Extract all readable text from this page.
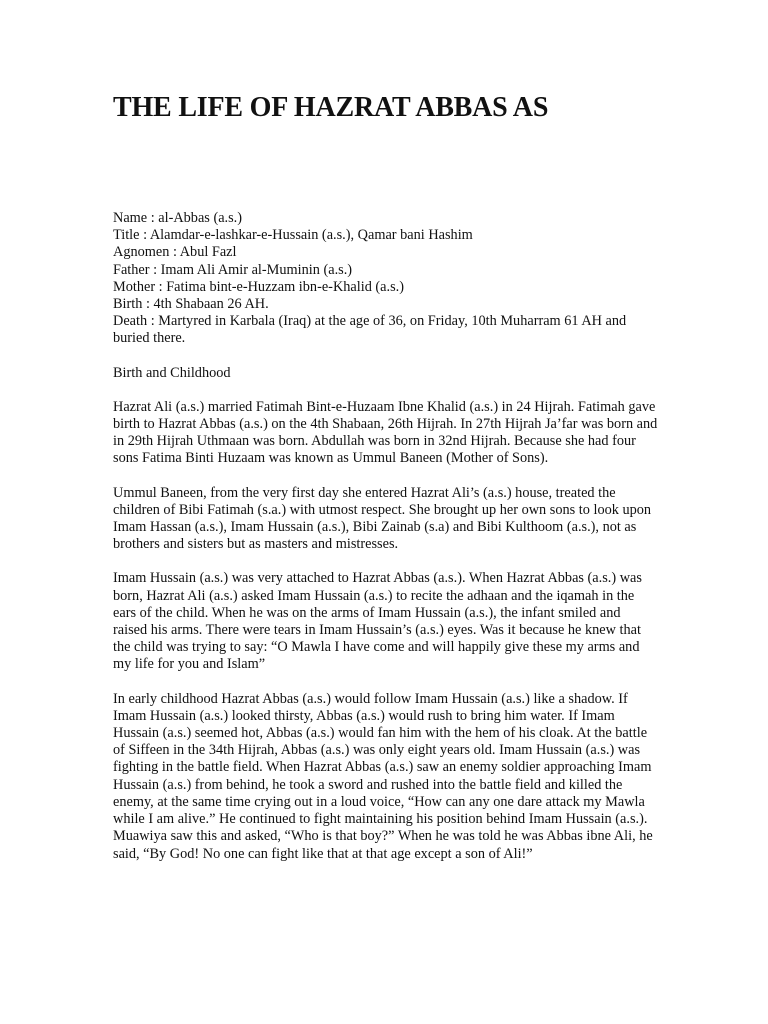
THE LIFE OF HAZRAT ABBAS AS
Name : al-Abbas (a.s.)
Title : Alamdar-e-lashkar-e-Hussain (a.s.), Qamar bani Hashim
Agnomen : Abul Fazl
Father : Imam Ali Amir al-Muminin (a.s.)
Mother : Fatima bint-e-Huzzam ibn-e-Khalid (a.s.)
Birth : 4th Shabaan 26 AH.
Death : Martyred in Karbala (Iraq) at the age of 36, on Friday, 10th Muharram 61 AH and buried there.
Birth and Childhood

Hazrat Ali (a.s.) married Fatimah Bint-e-Huzaam Ibne Khalid (a.s.) in 24 Hijrah. Fatimah gave birth to Hazrat Abbas (a.s.) on the 4th Shabaan, 26th Hijrah. In 27th Hijrah Ja’far was born and in 29th Hijrah Uthmaan was born. Abdullah was born in 32nd Hijrah. Because she had four sons Fatima Binti Huzaam was known as Ummul Baneen (Mother of Sons).

Ummul Baneen, from the very first day she entered Hazrat Ali’s (a.s.) house, treated the children of Bibi Fatimah (s.a.) with utmost respect. She brought up her own sons to look upon Imam Hassan (a.s.), Imam Hussain (a.s.), Bibi Zainab (s.a) and Bibi Kulthoom (a.s.), not as brothers and sisters but as masters and mistresses.

Imam Hussain (a.s.) was very attached to Hazrat Abbas (a.s.). When Hazrat Abbas (a.s.) was born, Hazrat Ali (a.s.) asked Imam Hussain (a.s.) to recite the adhaan and the iqamah in the ears of the child. When he was on the arms of Imam Hussain (a.s.), the infant smiled and raised his arms. There were tears in Imam Hussain’s (a.s.) eyes. Was it because he knew that the child was trying to say: “O Mawla I have come and will happily give these my arms and my life for you and Islam”

In early childhood Hazrat Abbas (a.s.) would follow Imam Hussain (a.s.) like a shadow. If Imam Hussain (a.s.) looked thirsty, Abbas (a.s.) would rush to bring him water. If Imam Hussain (a.s.) seemed hot, Abbas (a.s.) would fan him with the hem of his cloak. At the battle of Siffeen in the 34th Hijrah, Abbas (a.s.) was only eight years old. Imam Hussain (a.s.) was fighting in the battle field. When Hazrat Abbas (a.s.) saw an enemy soldier approaching Imam Hussain (a.s.) from behind, he took a sword and rushed into the battle field and killed the enemy, at the same time crying out in a loud voice, “How can any one dare attack my Mawla while I am alive.” He continued to fight maintaining his position behind Imam Hussain (a.s.). Muawiya saw this and asked, “Who is that boy?” When he was told he was Abbas ibne Ali, he said, “By God! No one can fight like that at that age except a son of Ali!”
